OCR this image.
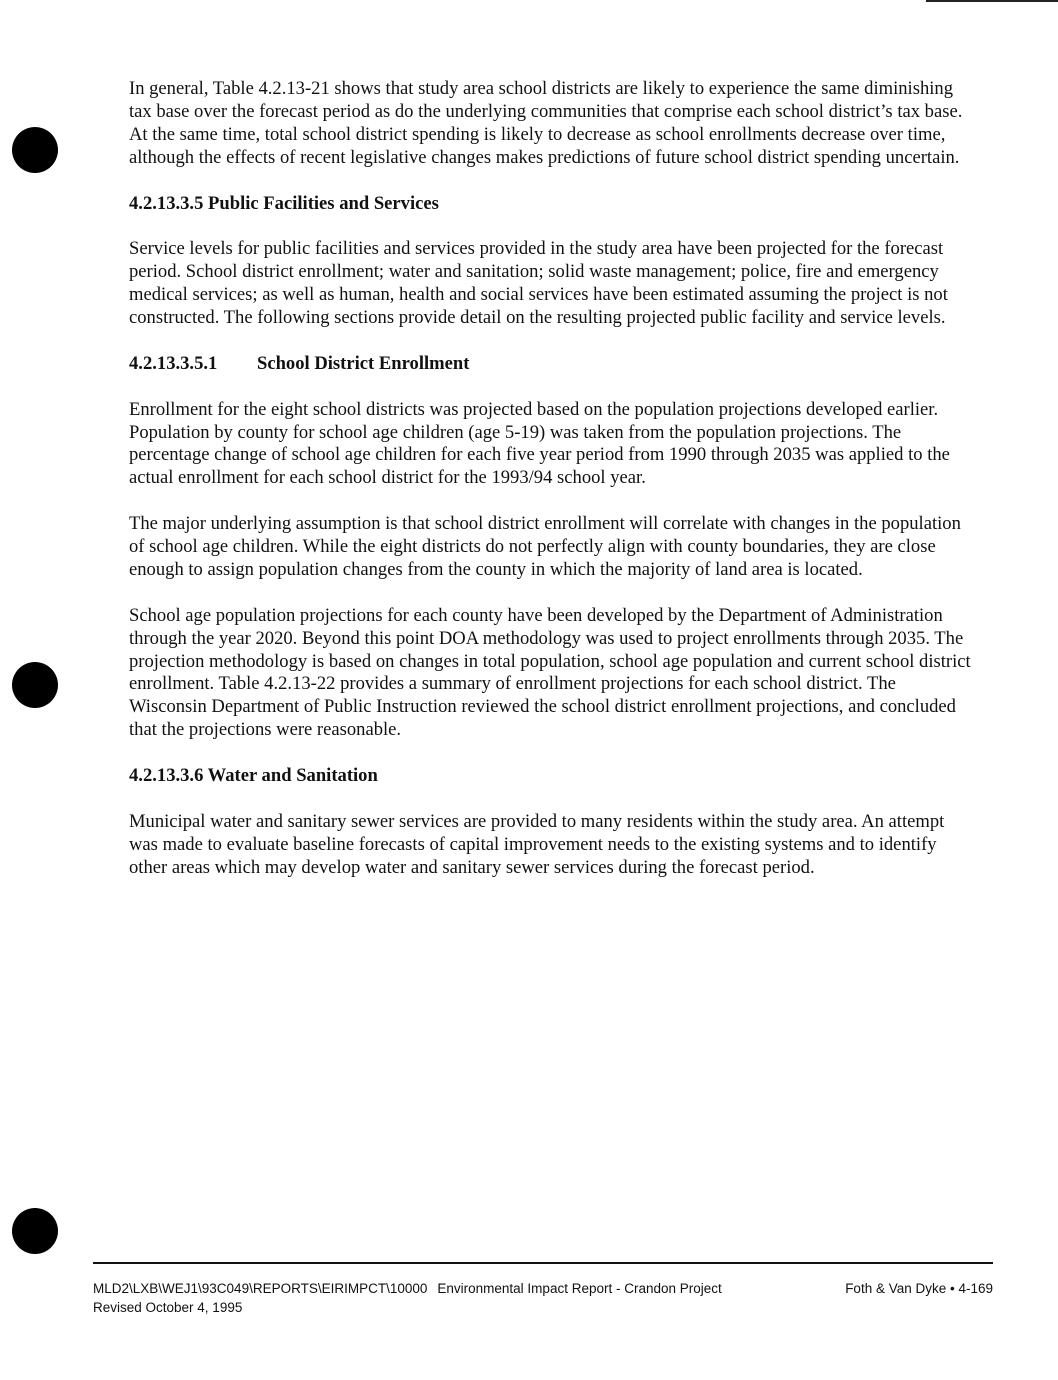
In general, Table 4.2.13-21 shows that study area school districts are likely to experience the same diminishing tax base over the forecast period as do the underlying communities that comprise each school district’s tax base. At the same time, total school district spending is likely to decrease as school enrollments decrease over time, although the effects of recent legislative changes makes predictions of future school district spending uncertain.

4.2.13.3.5 Public Facilities and Services

Service levels for public facilities and services provided in the study area have been projected for the forecast period. School district enrollment; water and sanitation; solid waste management; police, fire and emergency medical services; as well as human, health and social services have been estimated assuming the project is not constructed. The following sections provide detail on the resulting projected public facility and service levels.

4.2.13.3.5.1 School District Enrollment

Enrollment for the eight school districts was projected based on the population projections developed earlier. Population by county for school age children (age 5-19) was taken from the population projections. The percentage change of school age children for each five year period from 1990 through 2035 was applied to the actual enrollment for each school district for the 1993/94 school year.

The major underlying assumption is that school district enrollment will correlate with changes in the population of school age children. While the eight districts do not perfectly align with county boundaries, they are close enough to assign population changes from the county in which the majority of land area is located.

School age population projections for each county have been developed by the Department of Administration through the year 2020. Beyond this point DOA methodology was used to project enrollments through 2035. The projection methodology is based on changes in total population, school age population and current school district enrollment. Table 4.2.13-22 provides a summary of enrollment projections for each school district. The Wisconsin Department of Public Instruction reviewed the school district enrollment projections, and concluded that the projections were reasonable.

4.2.13.3.6 Water and Sanitation

Municipal water and sanitary sewer services are provided to many residents within the study area. An attempt was made to evaluate baseline forecasts of capital improvement needs to the existing systems and to identify other areas which may develop water and sanitary sewer services during the forecast period.

MLD2\LXB\WEJ1\93C049\REPORTS\EIRIMPCT\10000 Environmental Impact Report - Crandon Project
Revised October 4, 1995
Foth & Van Dyke • 4-169
